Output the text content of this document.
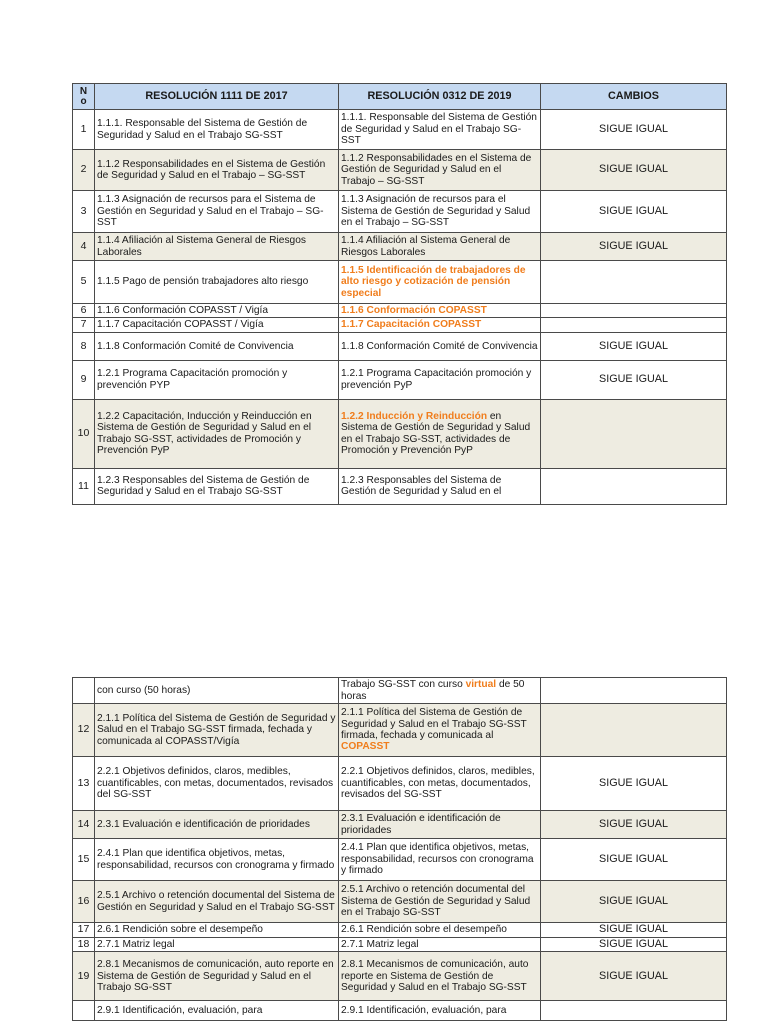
N
o	RESOLUCIÓN 1111 DE 2017	RESOLUCIÓN 0312 DE 2019	CAMBIOS
1	1.1.1. Responsable del Sistema de Gestión de Seguridad y Salud en el Trabajo SG-SST	1.1.1. Responsable del Sistema de Gestión de Seguridad y Salud en el Trabajo SG-SST	SIGUE IGUAL
2	1.1.2 Responsabilidades en el Sistema de Gestión de Seguridad y Salud en el Trabajo – SG-SST	1.1.2 Responsabilidades en el Sistema de Gestión de Seguridad y Salud en el Trabajo – SG-SST	SIGUE IGUAL
3	1.1.3 Asignación de recursos para el Sistema de Gestión en Seguridad y Salud en el Trabajo – SG-SST	1.1.3 Asignación de recursos para el Sistema de Gestión de Seguridad y Salud en el Trabajo – SG-SST	SIGUE IGUAL
4	1.1.4 Afiliación al Sistema General de Riesgos Laborales	1.1.4 Afiliación al Sistema General de Riesgos Laborales	SIGUE IGUAL
5	1.1.5 Pago de pensión trabajadores alto riesgo	1.1.5 Identificación de trabajadores de alto riesgo y cotización de pensión especial	
6	1.1.6 Conformación COPASST / Vigía	1.1.6 Conformación COPASST	
7	1.1.7 Capacitación COPASST / Vigía	1.1.7 Capacitación COPASST	
8	1.1.8 Conformación Comité de Convivencia	1.1.8 Conformación Comité de Convivencia	SIGUE IGUAL
9	1.2.1 Programa Capacitación promoción y prevención PYP	1.2.1 Programa Capacitación promoción y prevención PyP	SIGUE IGUAL
10	1.2.2 Capacitación, Inducción y Reinducción en Sistema de Gestión de Seguridad y Salud en el Trabajo SG-SST, actividades de Promoción y Prevención PyP	1.2.2 Inducción y Reinducción en Sistema de Gestión de Seguridad y Salud en el Trabajo SG-SST, actividades de Promoción y Prevención PyP	
11	1.2.3 Responsables del Sistema de Gestión de Seguridad y Salud en el Trabajo SG-SST	1.2.3 Responsables del Sistema de Gestión de Seguridad y Salud en el	
	con curso (50 horas)	Trabajo SG-SST con curso virtual de 50 horas	
12	2.1.1 Política del Sistema de Gestión de Seguridad y Salud en el Trabajo SG-SST firmada, fechada y comunicada al COPASST/Vigía	2.1.1 Política del Sistema de Gestión de Seguridad y Salud en el Trabajo SG-SST firmada, fechada y comunicada al COPASST	
13	2.2.1 Objetivos definidos, claros, medibles, cuantificables, con metas, documentados, revisados del SG-SST	2.2.1 Objetivos definidos, claros, medibles, cuantificables, con metas, documentados, revisados del SG-SST	SIGUE IGUAL
14	2.3.1 Evaluación e identificación de prioridades	2.3.1 Evaluación e identificación de prioridades	SIGUE IGUAL
15	2.4.1 Plan que identifica objetivos, metas, responsabilidad, recursos con cronograma y firmado	2.4.1 Plan que identifica objetivos, metas, responsabilidad, recursos con cronograma y firmado	SIGUE IGUAL
16	2.5.1 Archivo o retención documental del Sistema de Gestión en Seguridad y Salud en el Trabajo SG-SST	2.5.1 Archivo o retención documental del Sistema de Gestión de Seguridad y Salud en el Trabajo SG-SST	SIGUE IGUAL
17	2.6.1 Rendición sobre el desempeño	2.6.1 Rendición sobre el desempeño	SIGUE IGUAL
18	2.7.1 Matriz legal	2.7.1 Matriz legal	SIGUE IGUAL
19	2.8.1 Mecanismos de comunicación, auto reporte en Sistema de Gestión de Seguridad y Salud en el Trabajo SG-SST	2.8.1 Mecanismos de comunicación, auto reporte en Sistema de Gestión de Seguridad y Salud en el Trabajo SG-SST	SIGUE IGUAL
	2.9.1 Identificación, evaluación, para	2.9.1 Identificación, evaluación, para	
